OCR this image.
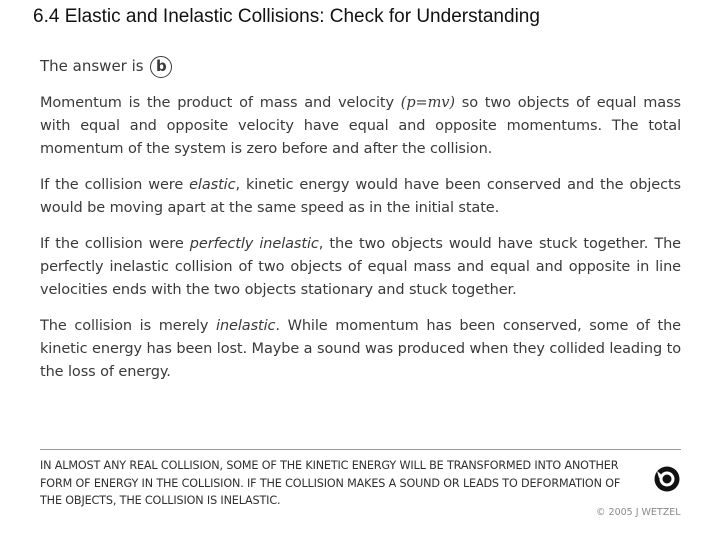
6.4 Elastic and Inelastic Collisions: Check for Understanding
The answer is b
Momentum is the product of mass and velocity (p=mv) so two objects of equal mass with equal and opposite velocity have equal and opposite momentums. The total momentum of the system is zero before and after the collision.
If the collision were elastic, kinetic energy would have been conserved and the objects would be moving apart at the same speed as in the initial state.
If the collision were perfectly inelastic, the two objects would have stuck together. The perfectly inelastic collision of two objects of equal mass and equal and opposite in line velocities ends with the two objects stationary and stuck together.
The collision is merely inelastic. While momentum has been conserved, some of the kinetic energy has been lost. Maybe a sound was produced when they collided leading to the loss of energy.
IN ALMOST ANY REAL COLLISION, SOME OF THE KINETIC ENERGY WILL BE TRANSFORMED INTO ANOTHER FORM OF ENERGY IN THE COLLISION. IF THE COLLISION MAKES A SOUND OR LEADS TO DEFORMATION OF THE OBJECTS, THE COLLISION IS INELASTIC.
© 2005 J WETZEL
